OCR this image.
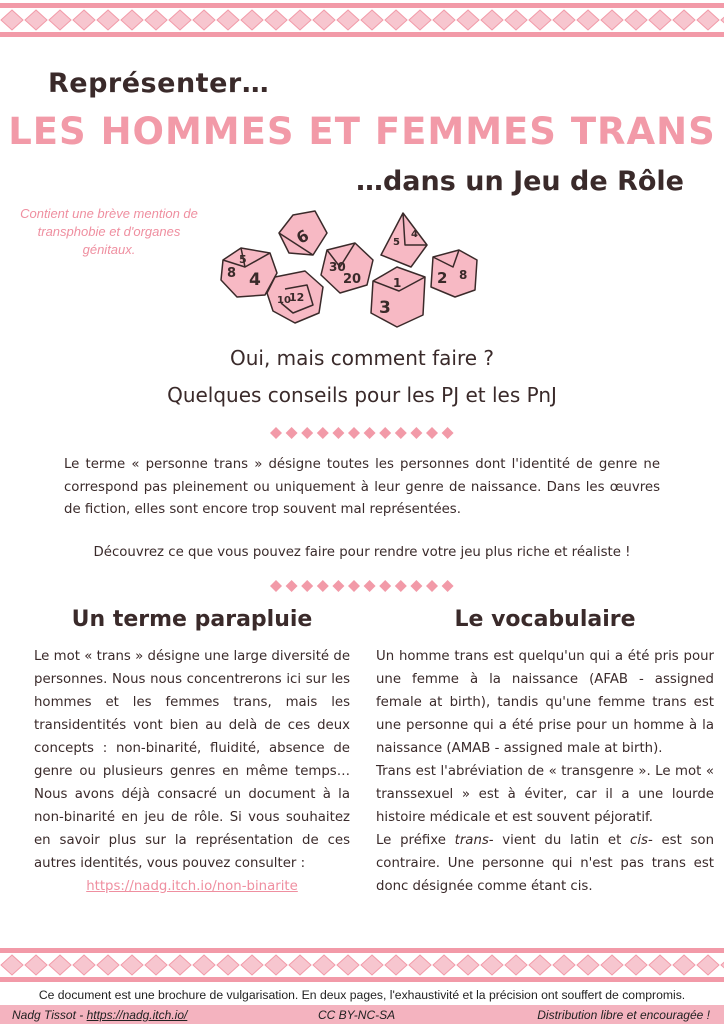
Représenter…
LES HOMMES ET FEMMES TRANS
…dans un Jeu de Rôle
Contient une brève mention de transphobie et d'organes génitaux.
8 4
5
6
30
20
5
4
10
12
1
3
2 8
Oui, mais comment faire ?
Quelques conseils pour les PJ et les PnJ
Le terme « personne trans » désigne toutes les personnes dont l'identité de genre ne correspond pas pleinement ou uniquement à leur genre de naissance. Dans les œuvres de fiction, elles sont encore trop souvent mal représentées.
Découvrez ce que vous pouvez faire pour rendre votre jeu plus riche et réaliste !
Un terme parapluie	Le vocabulaire

Le mot « trans » désigne une large diversité de personnes. Nous nous concentrerons ici sur les hommes et les femmes trans, mais les transidentités vont bien au delà de ces deux concepts : non-binarité, fluidité, absence de genre ou plusieurs genres en même temps… Nous avons déjà consacré un document à la non-binarité en jeu de rôle. Si vous souhaitez en savoir plus sur la représentation de ces autres identités, vous pouvez consulter :

https://nadg.itch.io/non-binarite

Un homme trans est quelqu'un qui a été pris pour une femme à la naissance (AFAB - assigned female at birth), tandis qu'une femme trans est une personne qui a été prise pour un homme à la naissance (AMAB - assigned male at birth).

Trans est l'abréviation de « transgenre ». Le mot « transsexuel » est à éviter, car il a une lourde histoire médicale et est souvent péjoratif.

Le préfixe trans- vient du latin et cis- est son contraire. Une personne qui n'est pas trans est donc désignée comme étant cis.

Ce document est une brochure de vulgarisation. En deux pages, l'exhaustivité et la précision ont souffert de compromis.
Nadg Tissot - https://nadg.itch.io/	CC BY-NC-SA	Distribution libre et encouragée !
